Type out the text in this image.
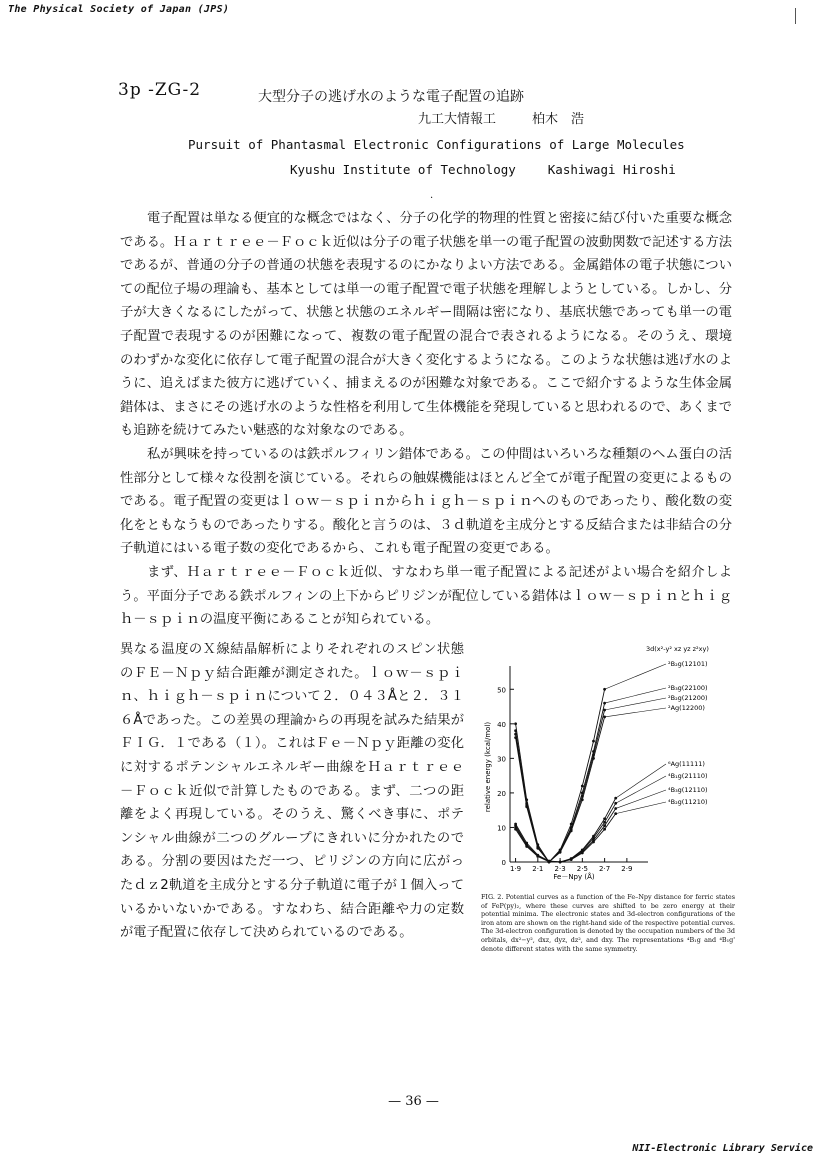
The Physical Society of Japan (JPS)
3p -ZG-2	大型分子の逃げ水のような電子配置の追跡
九工大情報工	柏木　浩
Pursuit of Phantasmal Electronic Configurations of Large Molecules
Kyushu Institute of Technology	Kashiwagi Hiroshi
.

電子配置は単なる便宜的な概念ではなく、分子の化学的物理的性質と密接に結び付いた重要な概念である。Ｈａｒｔｒｅｅ－Ｆｏｃｋ近似は分子の電子状態を単一の電子配置の波動関数で記述する方法であるが、普通の分子の普通の状態を表現するのにかなりよい方法である。金属錯体の電子状態についての配位子場の理論も、基本としては単一の電子配置で電子状態を理解しようとしている。しかし、分子が大きくなるにしたがって、状態と状態のエネルギー間隔は密になり、基底状態であっても単一の電子配置で表現するのが困難になって、複数の電子配置の混合で表されるようになる。そのうえ、環境のわずかな変化に依存して電子配置の混合が大きく変化するようになる。このような状態は逃げ水のように、追えばまた彼方に逃げていく、捕まえるのが困難な対象である。ここで紹介するような生体金属錯体は、まさにその逃げ水のような性格を利用して生体機能を発現していると思われるので、あくまでも追跡を続けてみたい魅惑的な対象なのである。

私が興味を持っているのは鉄ポルフィリン錯体である。この仲間はいろいろな種類のヘム蛋白の活性部分として様々な役割を演じている。それらの触媒機能はほとんど全てが電子配置の変更によるものである。電子配置の変更はｌｏｗ－ｓｐｉｎからｈｉｇｈ－ｓｐｉｎへのものであったり、酸化数の変化をともなうものであったりする。酸化と言うのは、３ｄ軌道を主成分とする反結合または非結合の分子軌道にはいる電子数の変化であるから、これも電子配置の変更である。

まず、Ｈａｒｔｒｅｅ－Ｆｏｃｋ近似、すなわち単一電子配置による記述がよい場合を紹介しよう。平面分子である鉄ポルフィンの上下からピリジンが配位している錯体はｌｏｗ－ｓｐｉｎとｈｉｇｈ－ｓｐｉｎの温度平衡にあることが知られている。

異なる温度のＸ線結晶解析によりそれぞれのスピン状態のＦＥ－Ｎｐｙ結合距離が測定された。ｌｏｗ－ｓｐｉｎ、ｈｉｇｈ－ｓｐｉｎについて２．０４３Åと２．３１６Åであった。この差異の理論からの再現を試みた結果がＦＩＧ．１である（１）。これはＦｅ－Ｎｐｙ距離の変化に対するポテンシャルエネルギー曲線をＨａｒｔｒｅｅ－Ｆｏｃｋ近似で計算したものである。まず、二つの距離をよく再現している。そのうえ、驚くべき事に、ポテンシャル曲線が二つのグループにきれいに分かれたのである。分割の要因はただ一つ、ピリジンの方向に広がったｄｚ2軌道を主成分とする分子軌道に電子が１個入っているかいないかである。すなわち、結合距離や力の定数が電子配置に依存して決められているのである。

0
10
20
30
40
50
1·9 2·1 2·3 2·5 2·7 2·9
Fe－Npy (Å)
relative energy (kcal/mol)
3d(x²-y² xz yz z²xy)
²B₂g(12101)
²B₃g(22100)
²B₂g(21200)
²Ag(12200)
⁶Ag(11111)
⁴B₁g(21110)
⁴B₃g(12110)
⁴B₂g(11210)
FIG. 2. Potential curves as a function of the Fe–Npy distance for ferric states of FeP(py)₂, where these curves are shifted to be zero energy at their potential minima. The electronic states and 3d-electron configurations of the iron atom are shown on the right-hand side of the respective potential curves. The 3d-electron configuration is denoted by the occupation numbers of the 3d orbitals, dx²−y², dxz, dyz, dz², and dxy. The representations ⁴B₁g and ⁴B₁g' denote different states with the same symmetry.
— 36 —
NII-Electronic Library Service
